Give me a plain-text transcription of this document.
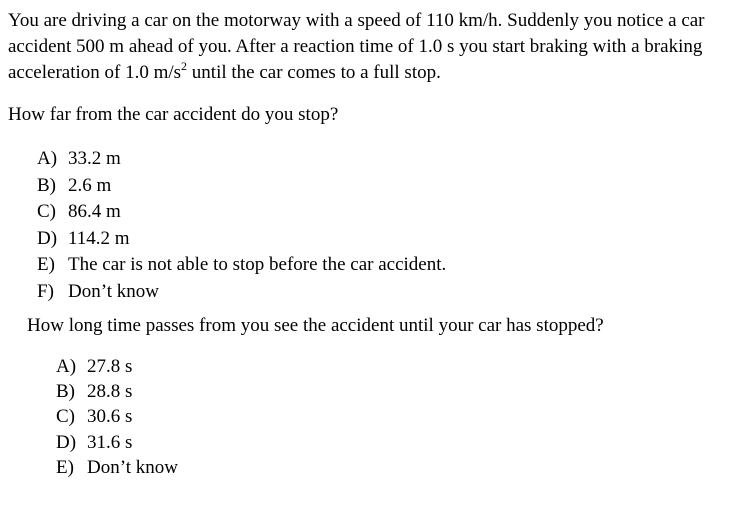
You are driving a car on the motorway with a speed of 110 km/h. Suddenly you notice a car
accident 500 m ahead of you. After a reaction time of 1.0 s you start braking with a braking
acceleration of 1.0 $m/s^2$ until the car comes to a full stop.
How far from the car accident do you stop?
A) 33.2 m
B) 2.6 m
C) 86.4 m
D) 114.2 m
E) The car is not able to stop before the car accident.
F) Don’t know
How long time passes from you see the accident until your car has stopped?
A) 27.8 s
B) 28.8 s
C) 30.6 s
D) 31.6 s
E) Don’t know
